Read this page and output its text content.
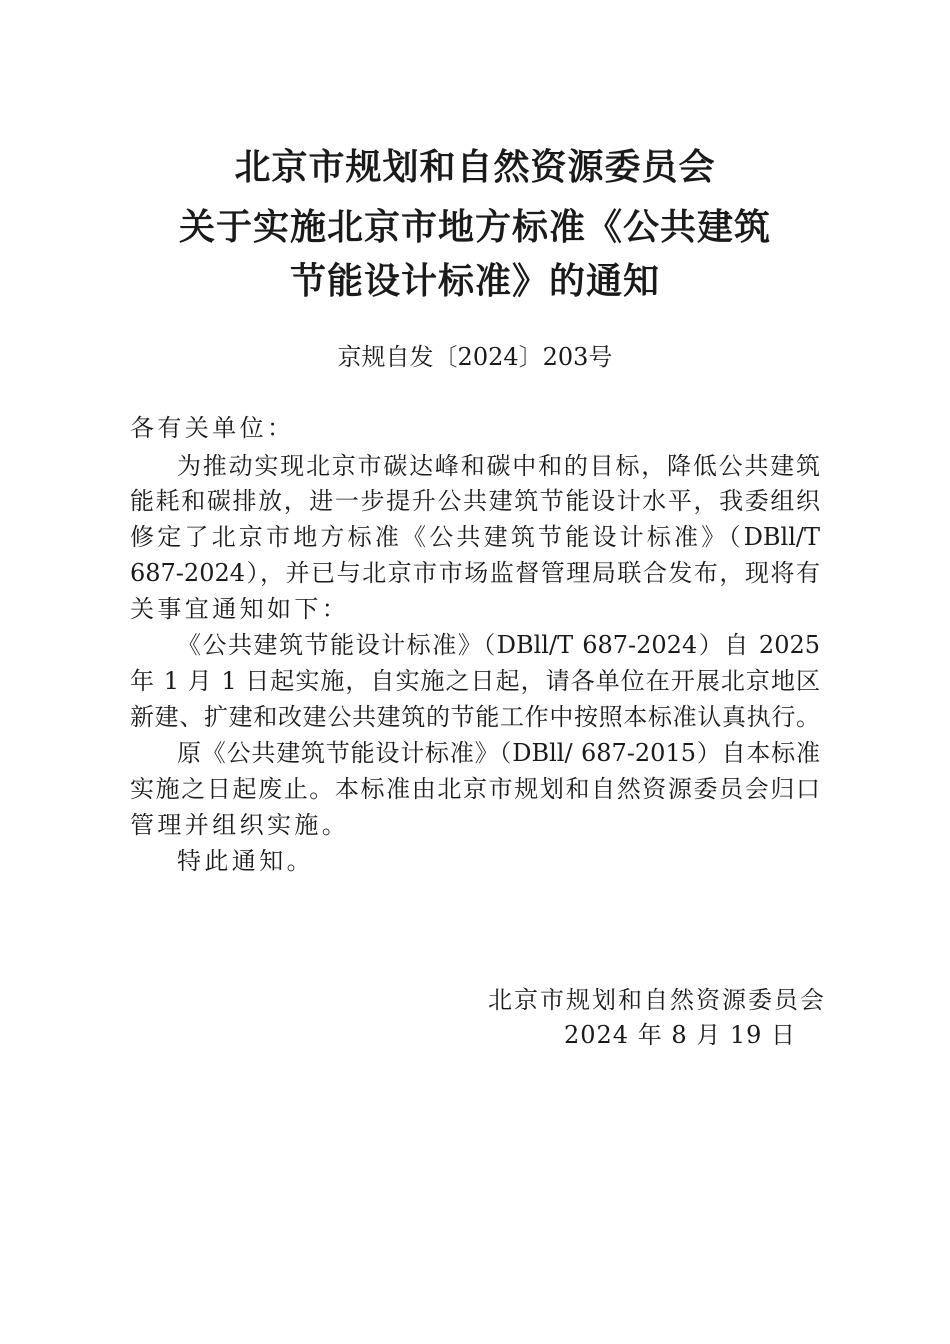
北京市规划和自然资源委员会
关于实施北京市地方标准《公共建筑
节能设计标准》的通知
京规自发〔2024〕203号
各有关单位：
为推动实现北京市碳达峰和碳中和的目标，降低公共建筑
能耗和碳排放，进一步提升公共建筑节能设计水平，我委组织
修定了北京市地方标准《公共建筑节能设计标准》（DBll/T
687-2024），并已与北京市市场监督管理局联合发布，现将有
关事宜通知如下：
《公共建筑节能设计标准》（DBll/T 687-2024）自 2025
年 1 月 1 日起实施，自实施之日起，请各单位在开展北京地区
新建、扩建和改建公共建筑的节能工作中按照本标准认真执行。
原《公共建筑节能设计标准》（DBll/ 687-2015）自本标准
实施之日起废止。本标准由北京市规划和自然资源委员会归口
管理并组织实施。
特此通知。
北京市规划和自然资源委员会
2024 年 8 月 19 日
